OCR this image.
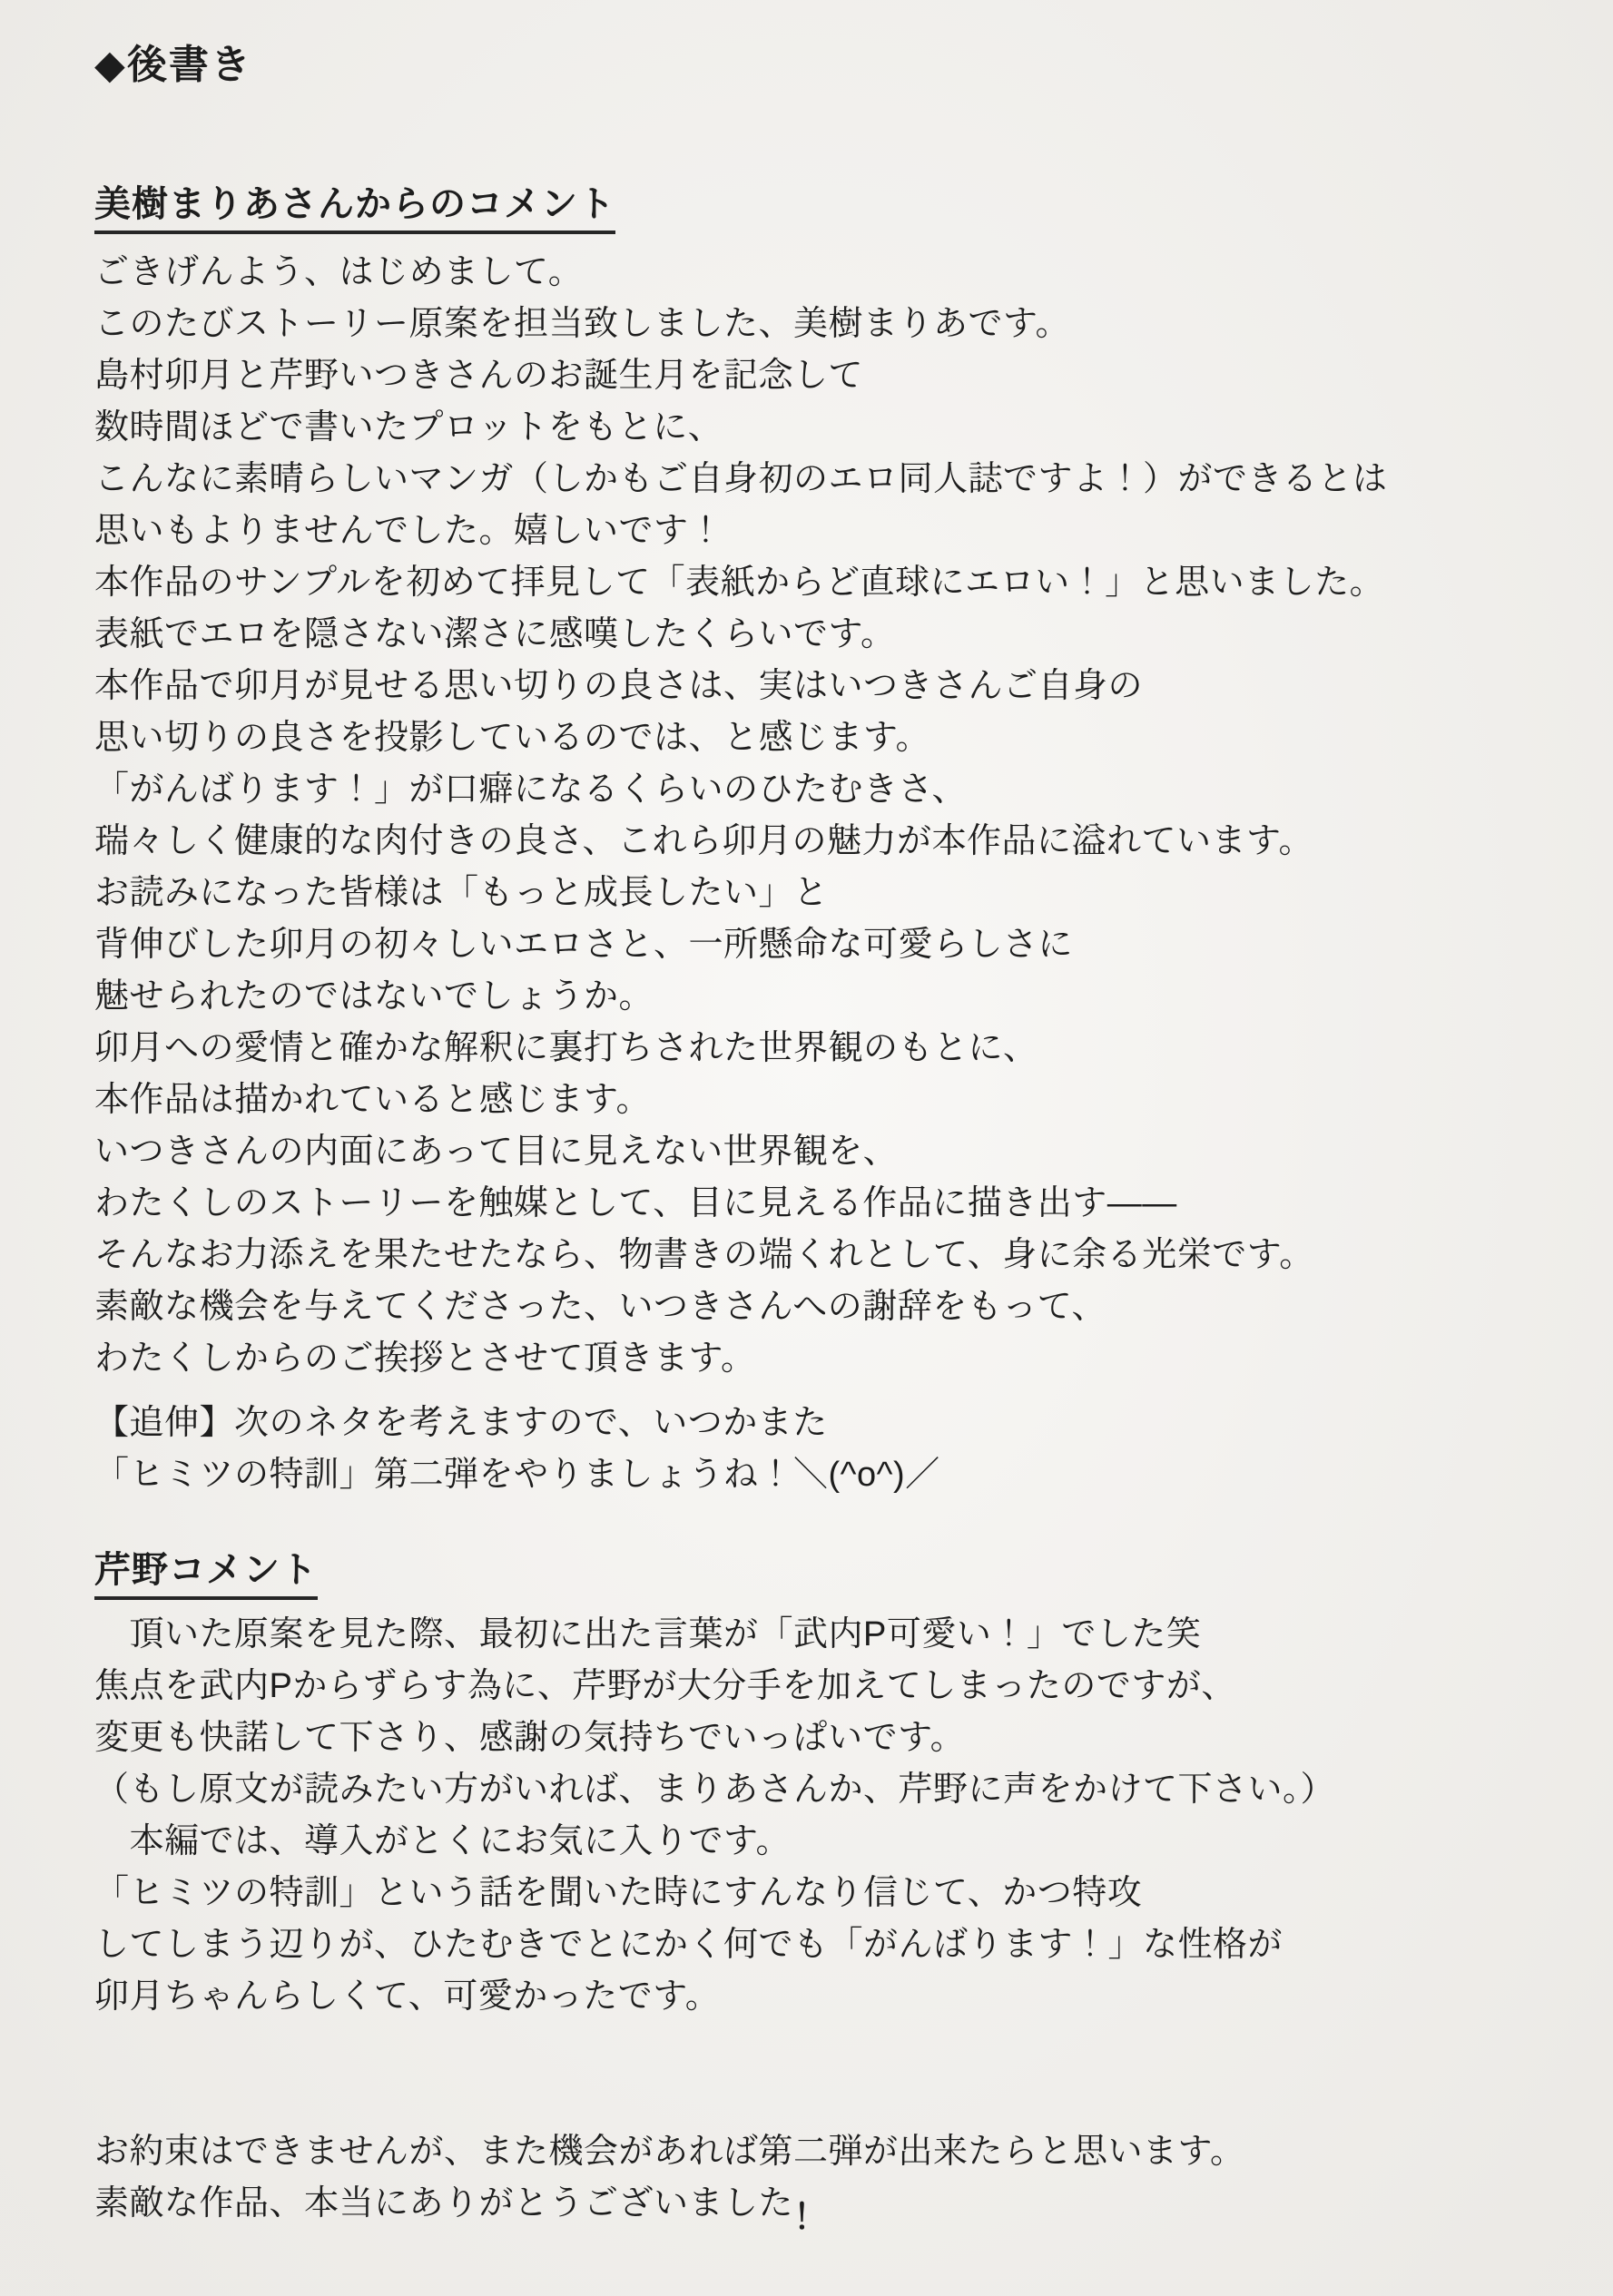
◆後書き
美樹まりあさんからのコメント

ごきげんよう、はじめまして。

このたびストーリー原案を担当致しました、美樹まりあです。

島村卯月と芹野いつきさんのお誕生月を記念して

数時間ほどで書いたプロットをもとに、

こんなに素晴らしいマンガ（しかもご自身初のエロ同人誌ですよ！）ができるとは

思いもよりませんでした。嬉しいです！

本作品のサンプルを初めて拝見して「表紙からど直球にエロい！」と思いました。

表紙でエロを隠さない潔さに感嘆したくらいです。

本作品で卯月が見せる思い切りの良さは、実はいつきさんご自身の

思い切りの良さを投影しているのでは、と感じます。

「がんばります！」が口癖になるくらいのひたむきさ、

瑞々しく健康的な肉付きの良さ、これら卯月の魅力が本作品に溢れています。

お読みになった皆様は「もっと成長したい」と

背伸びした卯月の初々しいエロさと、一所懸命な可愛らしさに

魅せられたのではないでしょうか。

卯月への愛情と確かな解釈に裏打ちされた世界観のもとに、

本作品は描かれていると感じます。

いつきさんの内面にあって目に見えない世界観を、

わたくしのストーリーを触媒として、目に見える作品に描き出す――

そんなお力添えを果たせたなら、物書きの端くれとして、身に余る光栄です。

素敵な機会を与えてくださった、いつきさんへの謝辞をもって、

わたくしからのご挨拶とさせて頂きます。

【追伸】次のネタを考えますので、いつかまた

「ヒミツの特訓」第二弾をやりましょうね！＼(^o^)／

芹野コメント

　頂いた原案を見た際、最初に出た言葉が「武内P可愛い！」でした笑

焦点を武内Pからずらす為に、芹野が大分手を加えてしまったのですが、

変更も快諾して下さり、感謝の気持ちでいっぱいです。

（もし原文が読みたい方がいれば、まりあさんか、芹野に声をかけて下さい。）

　本編では、導入がとくにお気に入りです。

「ヒミツの特訓」という話を聞いた時にすんなり信じて、かつ特攻

してしまう辺りが、ひたむきでとにかく何でも「がんばります！」な性格が

卯月ちゃんらしくて、可愛かったです。

お約束はできませんが、また機会があれば第二弾が出来たらと思います。

素敵な作品、本当にありがとうございました！
